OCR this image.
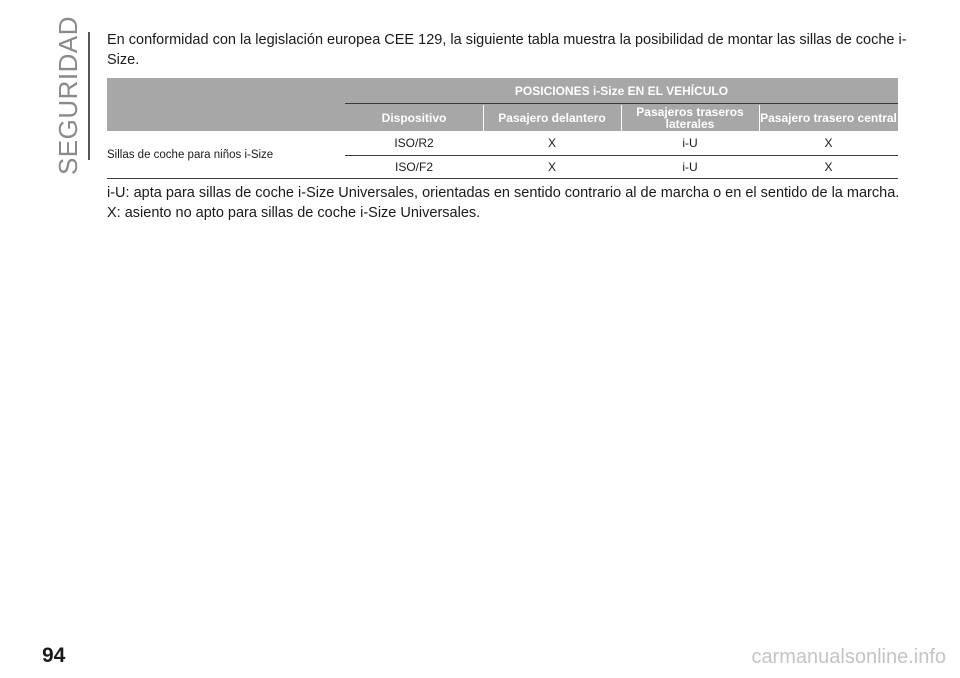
SEGURIDAD En conformidad con la legislación europea CEE 129, la siguiente tabla muestra la posibilidad de montar las sillas de coche i-Size.

POSICIONES i-Size EN EL VEHÍCULO
Dispositivo	Pasajero delantero	Pasajeros traseros laterales	Pasajero trasero central
Sillas de coche para niños i-Size
ISO/R2	X	i-U	X
ISO/F2	X	i-U	X
i-U: apta para sillas de coche i-Size Universales, orientadas en sentido contrario al de marcha o en el sentido de la marcha.
X: asiento no apto para sillas de coche i-Size Universales.
94	carmanualsonline.info
